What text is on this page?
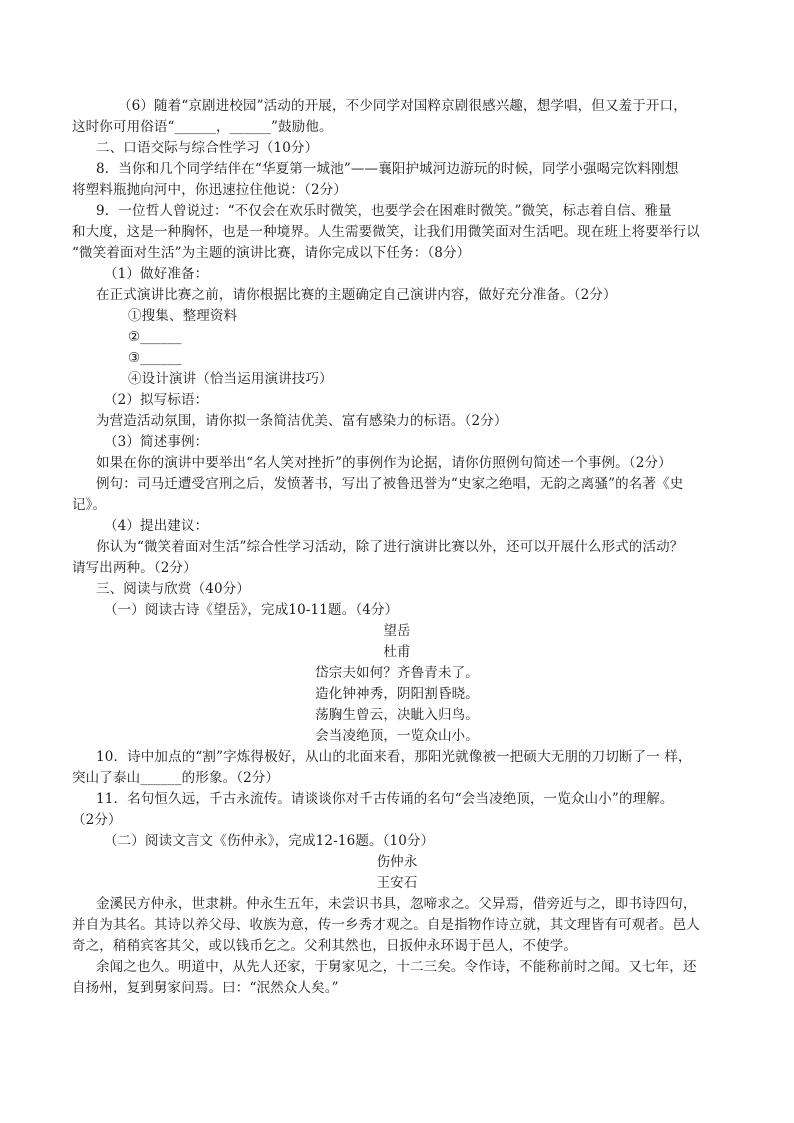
（6）随着“京剧进校园”活动的开展，不少同学对国粹京剧很感兴趣，想学唱，但又羞于开口，
这时你可用俗语“______，______”鼓励他。
二、口语交际与综合性学习（10分）
8．当你和几个同学结伴在“华夏第一城池”——襄阳护城河边游玩的时候，同学小强喝完饮料刚想
将塑料瓶抛向河中，你迅速拉住他说：（2分）
9．一位哲人曾说过：“不仅会在欢乐时微笑，也要学会在困难时微笑。”微笑，标志着自信、雅量
和大度，这是一种胸怀，也是一种境界。人生需要微笑，让我们用微笑面对生活吧。现在班上将要举行以
“微笑着面对生活”为主题的演讲比赛，请你完成以下任务：（8分）
（1）做好准备：
在正式演讲比赛之前，请你根据比赛的主题确定自己演讲内容，做好充分准备。（2分）
①搜集、整理资料
②______
③______
④设计演讲（恰当运用演讲技巧）
（2）拟写标语：
为营造活动氛围，请你拟一条简洁优美、富有感染力的标语。（2分）
（3）简述事例：
如果在你的演讲中要举出“名人笑对挫折”的事例作为论据，请你仿照例句简述一个事例。（2分）
例句：司马迁遭受宫刑之后，发愤著书，写出了被鲁迅誉为“史家之绝唱，无韵之离骚”的名著《史
记》。
（4）提出建议：
你认为“微笑着面对生活”综合性学习活动，除了进行演讲比赛以外，还可以开展什么形式的活动？
请写出两种。（2分）
三、阅读与欣赏（40分）
（一）阅读古诗《望岳》，完成10-11题。（4分）
望岳
杜甫
岱宗夫如何？齐鲁青未了。
造化钟神秀，阴阳割昏晓。
荡胸生曾云，决眦入归鸟。
会当凌绝顶，一览众山小。
10．诗中加点的“割”字炼得极好，从山的北面来看，那阳光就像被一把硕大无朋的刀切断了一 样，
突山了泰山______的形象。（2分）
11．名句恒久远，千古永流传。请谈谈你对千古传诵的名句“会当凌绝顶，一览众山小”的理解。
（2分）
（二）阅读文言文《伤仲永》，完成12-16题。（10分）
伤仲永
王安石
金溪民方仲永，世隶耕。仲永生五年，未尝识书具，忽啼求之。父异焉，借旁近与之，即书诗四句，
并自为其名。其诗以养父母、收族为意，传一乡秀才观之。自是指物作诗立就，其文理皆有可观者。邑人
奇之，稍稍宾客其父，或以钱币乞之。父利其然也，日扳仲永环谒于邑人，不使学。
余闻之也久。明道中，从先人还家，于舅家见之，十二三矣。令作诗，不能称前时之闻。又七年，还
自扬州，复到舅家问焉。曰：“泯然众人矣。”
